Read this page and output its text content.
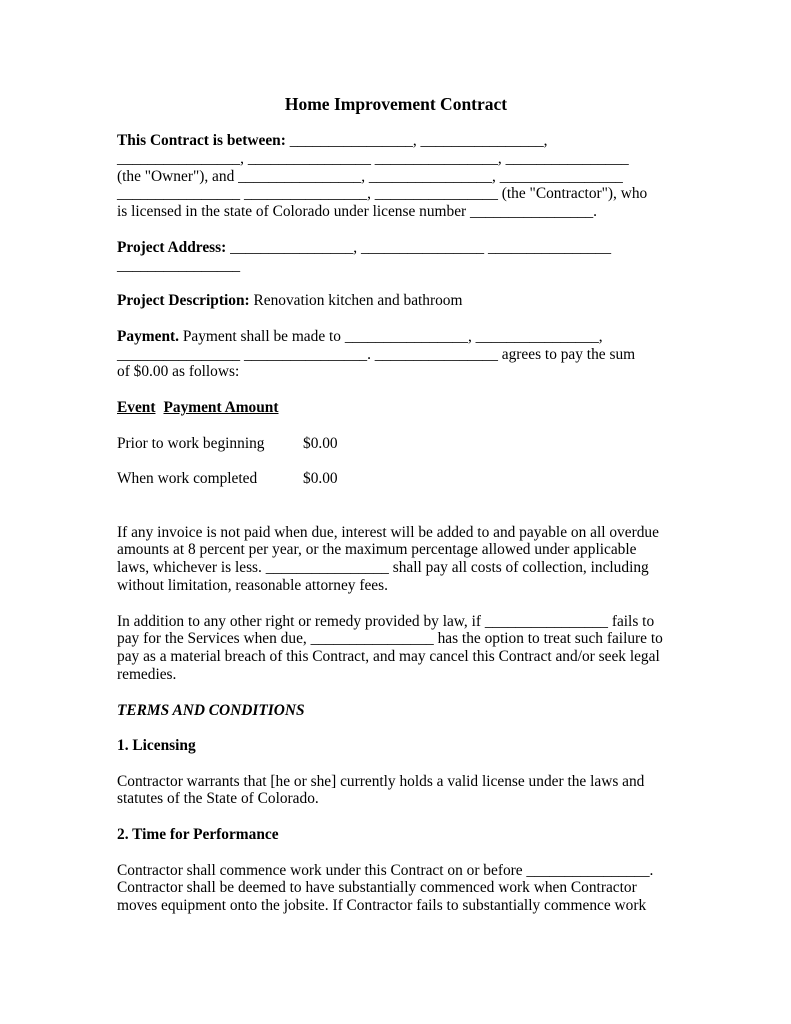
Home Improvement Contract
This Contract is between: ________________, ________________,
________________, ________________ ________________, ________________
(the "Owner"), and ________________, ________________, ________________
________________ ________________, ________________ (the "Contractor"), who
is licensed in the state of Colorado under license number ________________.
Project Address: ________________, ________________ ________________
________________
Project Description: Renovation kitchen and bathroom
Payment. Payment shall be made to ________________, ________________,
________________ ________________. ________________ agrees to pay the sum
of $0.00 as follows:
Event Payment Amount
Prior to work beginning	$0.00
When work completed	$0.00
If any invoice is not paid when due, interest will be added to and payable on all overdue
amounts at 8 percent per year, or the maximum percentage allowed under applicable
laws, whichever is less. ________________ shall pay all costs of collection, including
without limitation, reasonable attorney fees.
In addition to any other right or remedy provided by law, if ________________ fails to
pay for the Services when due, ________________ has the option to treat such failure to
pay as a material breach of this Contract, and may cancel this Contract and/or seek legal
remedies.
TERMS AND CONDITIONS
1. Licensing
Contractor warrants that [he or she] currently holds a valid license under the laws and
statutes of the State of Colorado.
2. Time for Performance
Contractor shall commence work under this Contract on or before ________________.
Contractor shall be deemed to have substantially commenced work when Contractor
moves equipment onto the jobsite. If Contractor fails to substantially commence work
